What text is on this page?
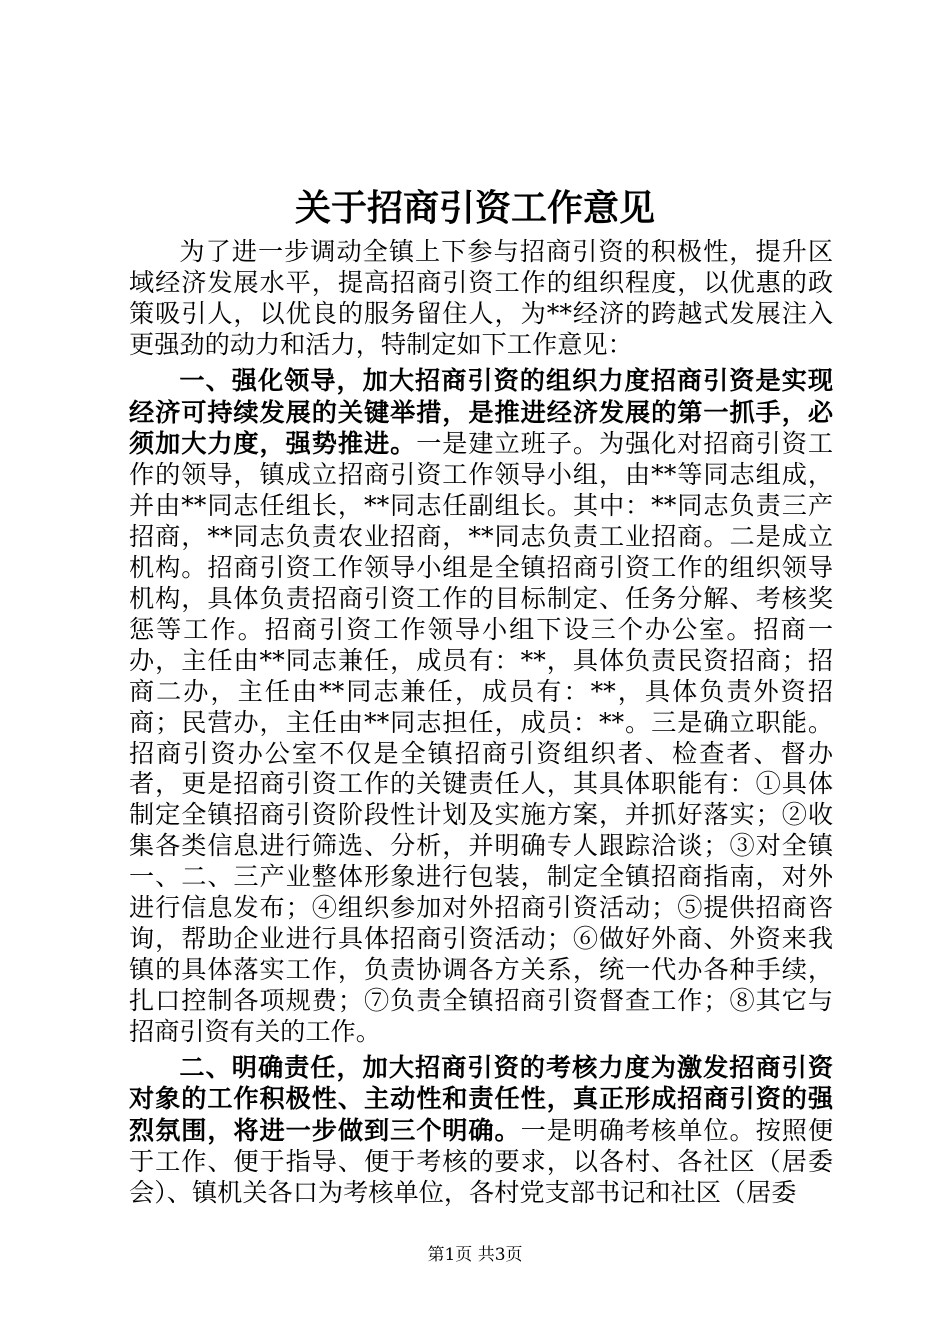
关于招商引资工作意见

为了进一步调动全镇上下参与招商引资的积极性，提升区域经济发展水平，提高招商引资工作的组织程度，以优惠的政策吸引人，以优良的服务留住人，为**经济的跨越式发展注入更强劲的动力和活力，特制定如下工作意见：

一、强化领导，加大招商引资的组织力度招商引资是实现经济可持续发展的关键举措，是推进经济发展的第一抓手，必须加大力度，强势推进。一是建立班子。为强化对招商引资工作的领导，镇成立招商引资工作领导小组，由**等同志组成，并由**同志任组长，**同志任副组长。其中：**同志负责三产招商，**同志负责农业招商，**同志负责工业招商。二是成立机构。招商引资工作领导小组是全镇招商引资工作的组织领导机构，具体负责招商引资工作的目标制定、任务分解、考核奖惩等工作。招商引资工作领导小组下设三个办公室。招商一办，主任由**同志兼任，成员有：**，具体负责民资招商；招商二办，主任由**同志兼任，成员有：**，具体负责外资招商；民营办，主任由**同志担任，成员：**。三是确立职能。招商引资办公室不仅是全镇招商引资组织者、检查者、督办者，更是招商引资工作的关键责任人，其具体职能有：①具体制定全镇招商引资阶段性计划及实施方案，并抓好落实；②收集各类信息进行筛选、分析，并明确专人跟踪洽谈；③对全镇一、二、三产业整体形象进行包装，制定全镇招商指南，对外进行信息发布；④组织参加对外招商引资活动；⑤提供招商咨询，帮助企业进行具体招商引资活动；⑥做好外商、外资来我镇的具体落实工作，负责协调各方关系，统一代办各种手续，扎口控制各项规费；⑦负责全镇招商引资督查工作；⑧其它与招商引资有关的工作。

二、明确责任，加大招商引资的考核力度为激发招商引资对象的工作积极性、主动性和责任性，真正形成招商引资的强烈氛围，将进一步做到三个明确。一是明确考核单位。按照便于工作、便于指导、便于考核的要求，以各村、各社区（居委会）、镇机关各口为考核单位，各村党支部书记和社区（居委

第1页 共3页
